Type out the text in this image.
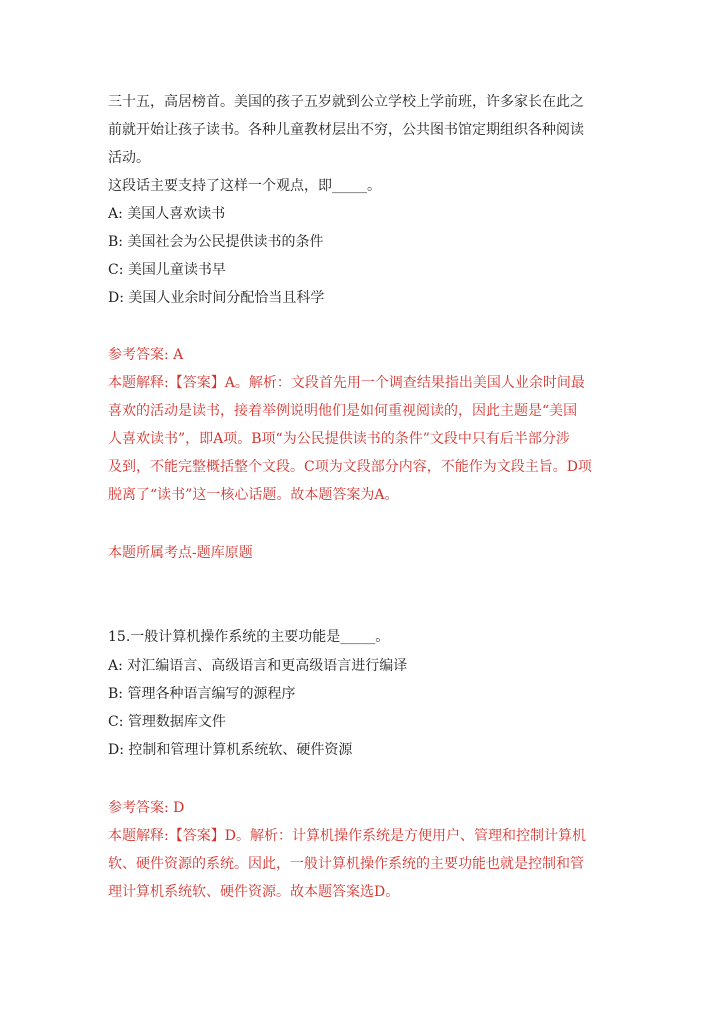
三十五，高居榜首。美国的孩子五岁就到公立学校上学前班，许多家长在此之
前就开始让孩子读书。各种儿童教材层出不穷，公共图书馆定期组织各种阅读
活动。
这段话主要支持了这样一个观点，即_____。
A: 美国人喜欢读书
B: 美国社会为公民提供读书的条件
C: 美国儿童读书早
D: 美国人业余时间分配恰当且科学
参考答案: A
本题解释:【答案】A。解析：文段首先用一个调查结果指出美国人业余时间最
喜欢的活动是读书，接着举例说明他们是如何重视阅读的，因此主题是“美国
人喜欢读书”，即A项。B项“为公民提供读书的条件”文段中只有后半部分涉
及到，不能完整概括整个文段。C项为文段部分内容，不能作为文段主旨。D项
脱离了“读书”这一核心话题。故本题答案为A。
本题所属考点-题库原题
15.一般计算机操作系统的主要功能是_____。
A: 对汇编语言、高级语言和更高级语言进行编译
B: 管理各种语言编写的源程序
C: 管理数据库文件
D: 控制和管理计算机系统软、硬件资源
参考答案: D
本题解释:【答案】D。解析：计算机操作系统是方便用户、管理和控制计算机
软、硬件资源的系统。因此，一般计算机操作系统的主要功能也就是控制和管
理计算机系统软、硬件资源。故本题答案选D。
